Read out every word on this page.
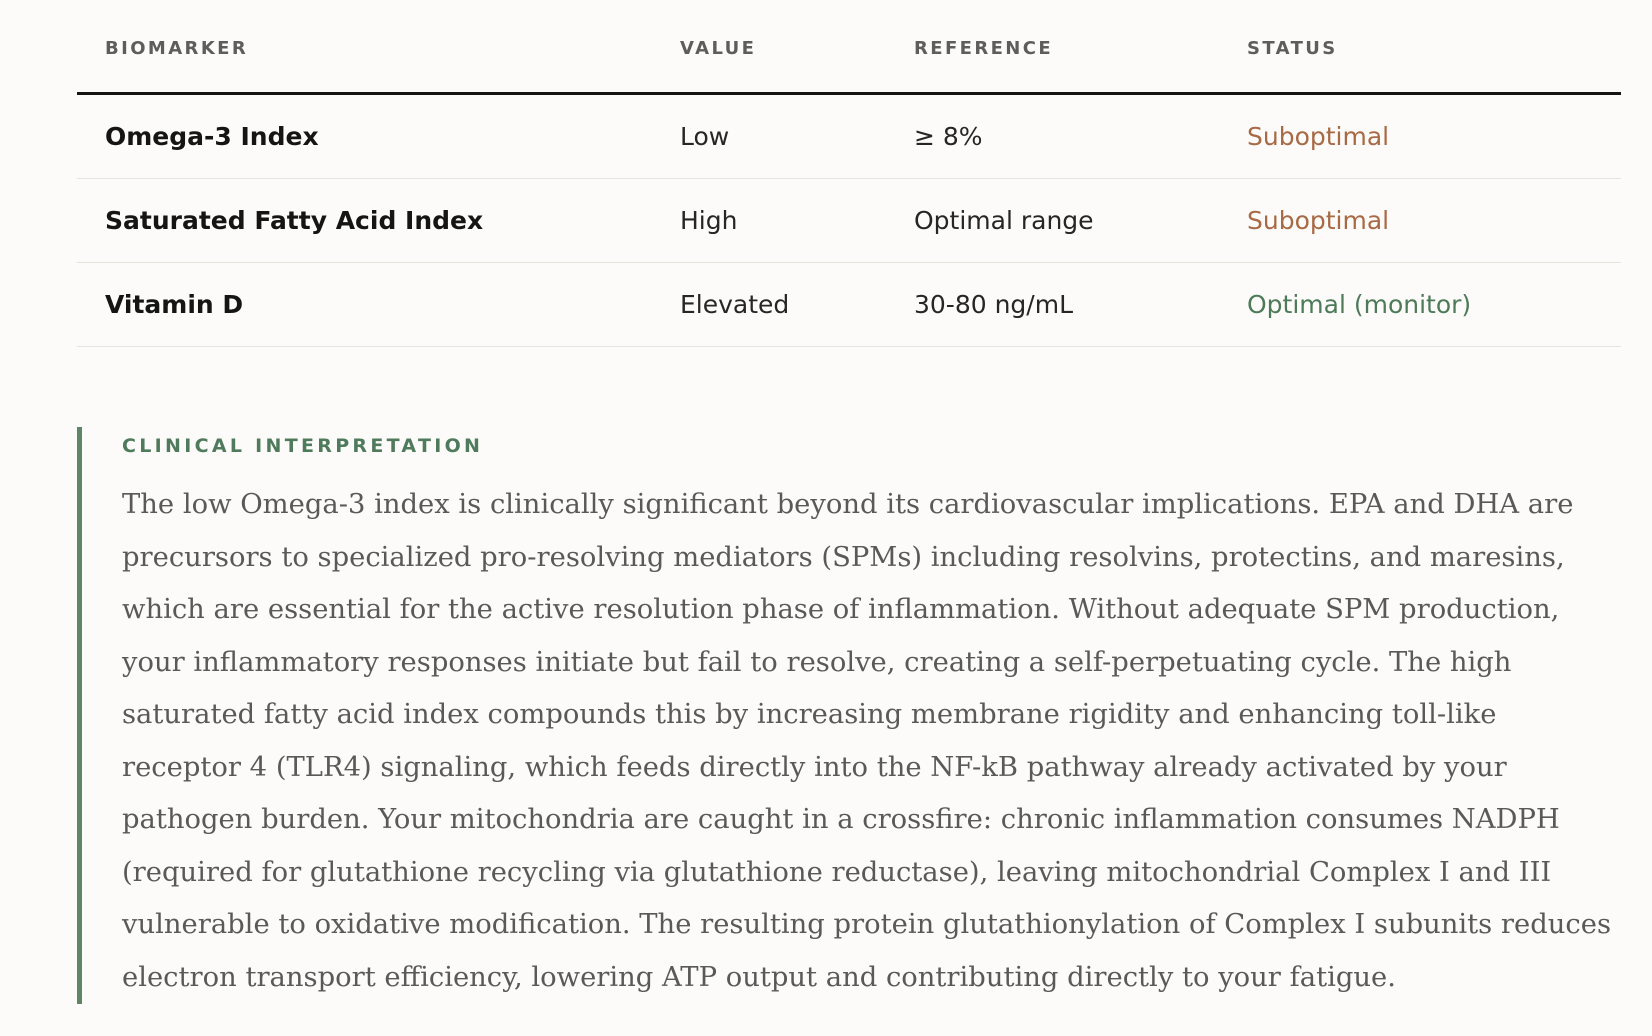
BIOMARKER	VALUE	REFERENCE	STATUS
Omega-3 Index	Low	≥ 8%	Suboptimal
Saturated Fatty Acid Index	High	Optimal range	Suboptimal
Vitamin D	Elevated	30-80 ng/mL	Optimal (monitor)
CLINICAL INTERPRETATION

The low Omega-3 index is clinically significant beyond its cardiovascular implications. EPA and DHA are precursors to specialized pro-resolving mediators (SPMs) including resolvins, protectins, and maresins, which are essential for the active resolution phase of inflammation. Without adequate SPM production, your inflammatory responses initiate but fail to resolve, creating a self-perpetuating cycle. The high saturated fatty acid index compounds this by increasing membrane rigidity and enhancing toll-like receptor 4 (TLR4) signaling, which feeds directly into the NF-kB pathway already activated by your pathogen burden. Your mitochondria are caught in a crossfire: chronic inflammation consumes NADPH (required for glutathione recycling via glutathione reductase), leaving mitochondrial Complex I and III vulnerable to oxidative modification. The resulting protein glutathionylation of Complex I subunits reduces electron transport efficiency, lowering ATP output and contributing directly to your fatigue.
